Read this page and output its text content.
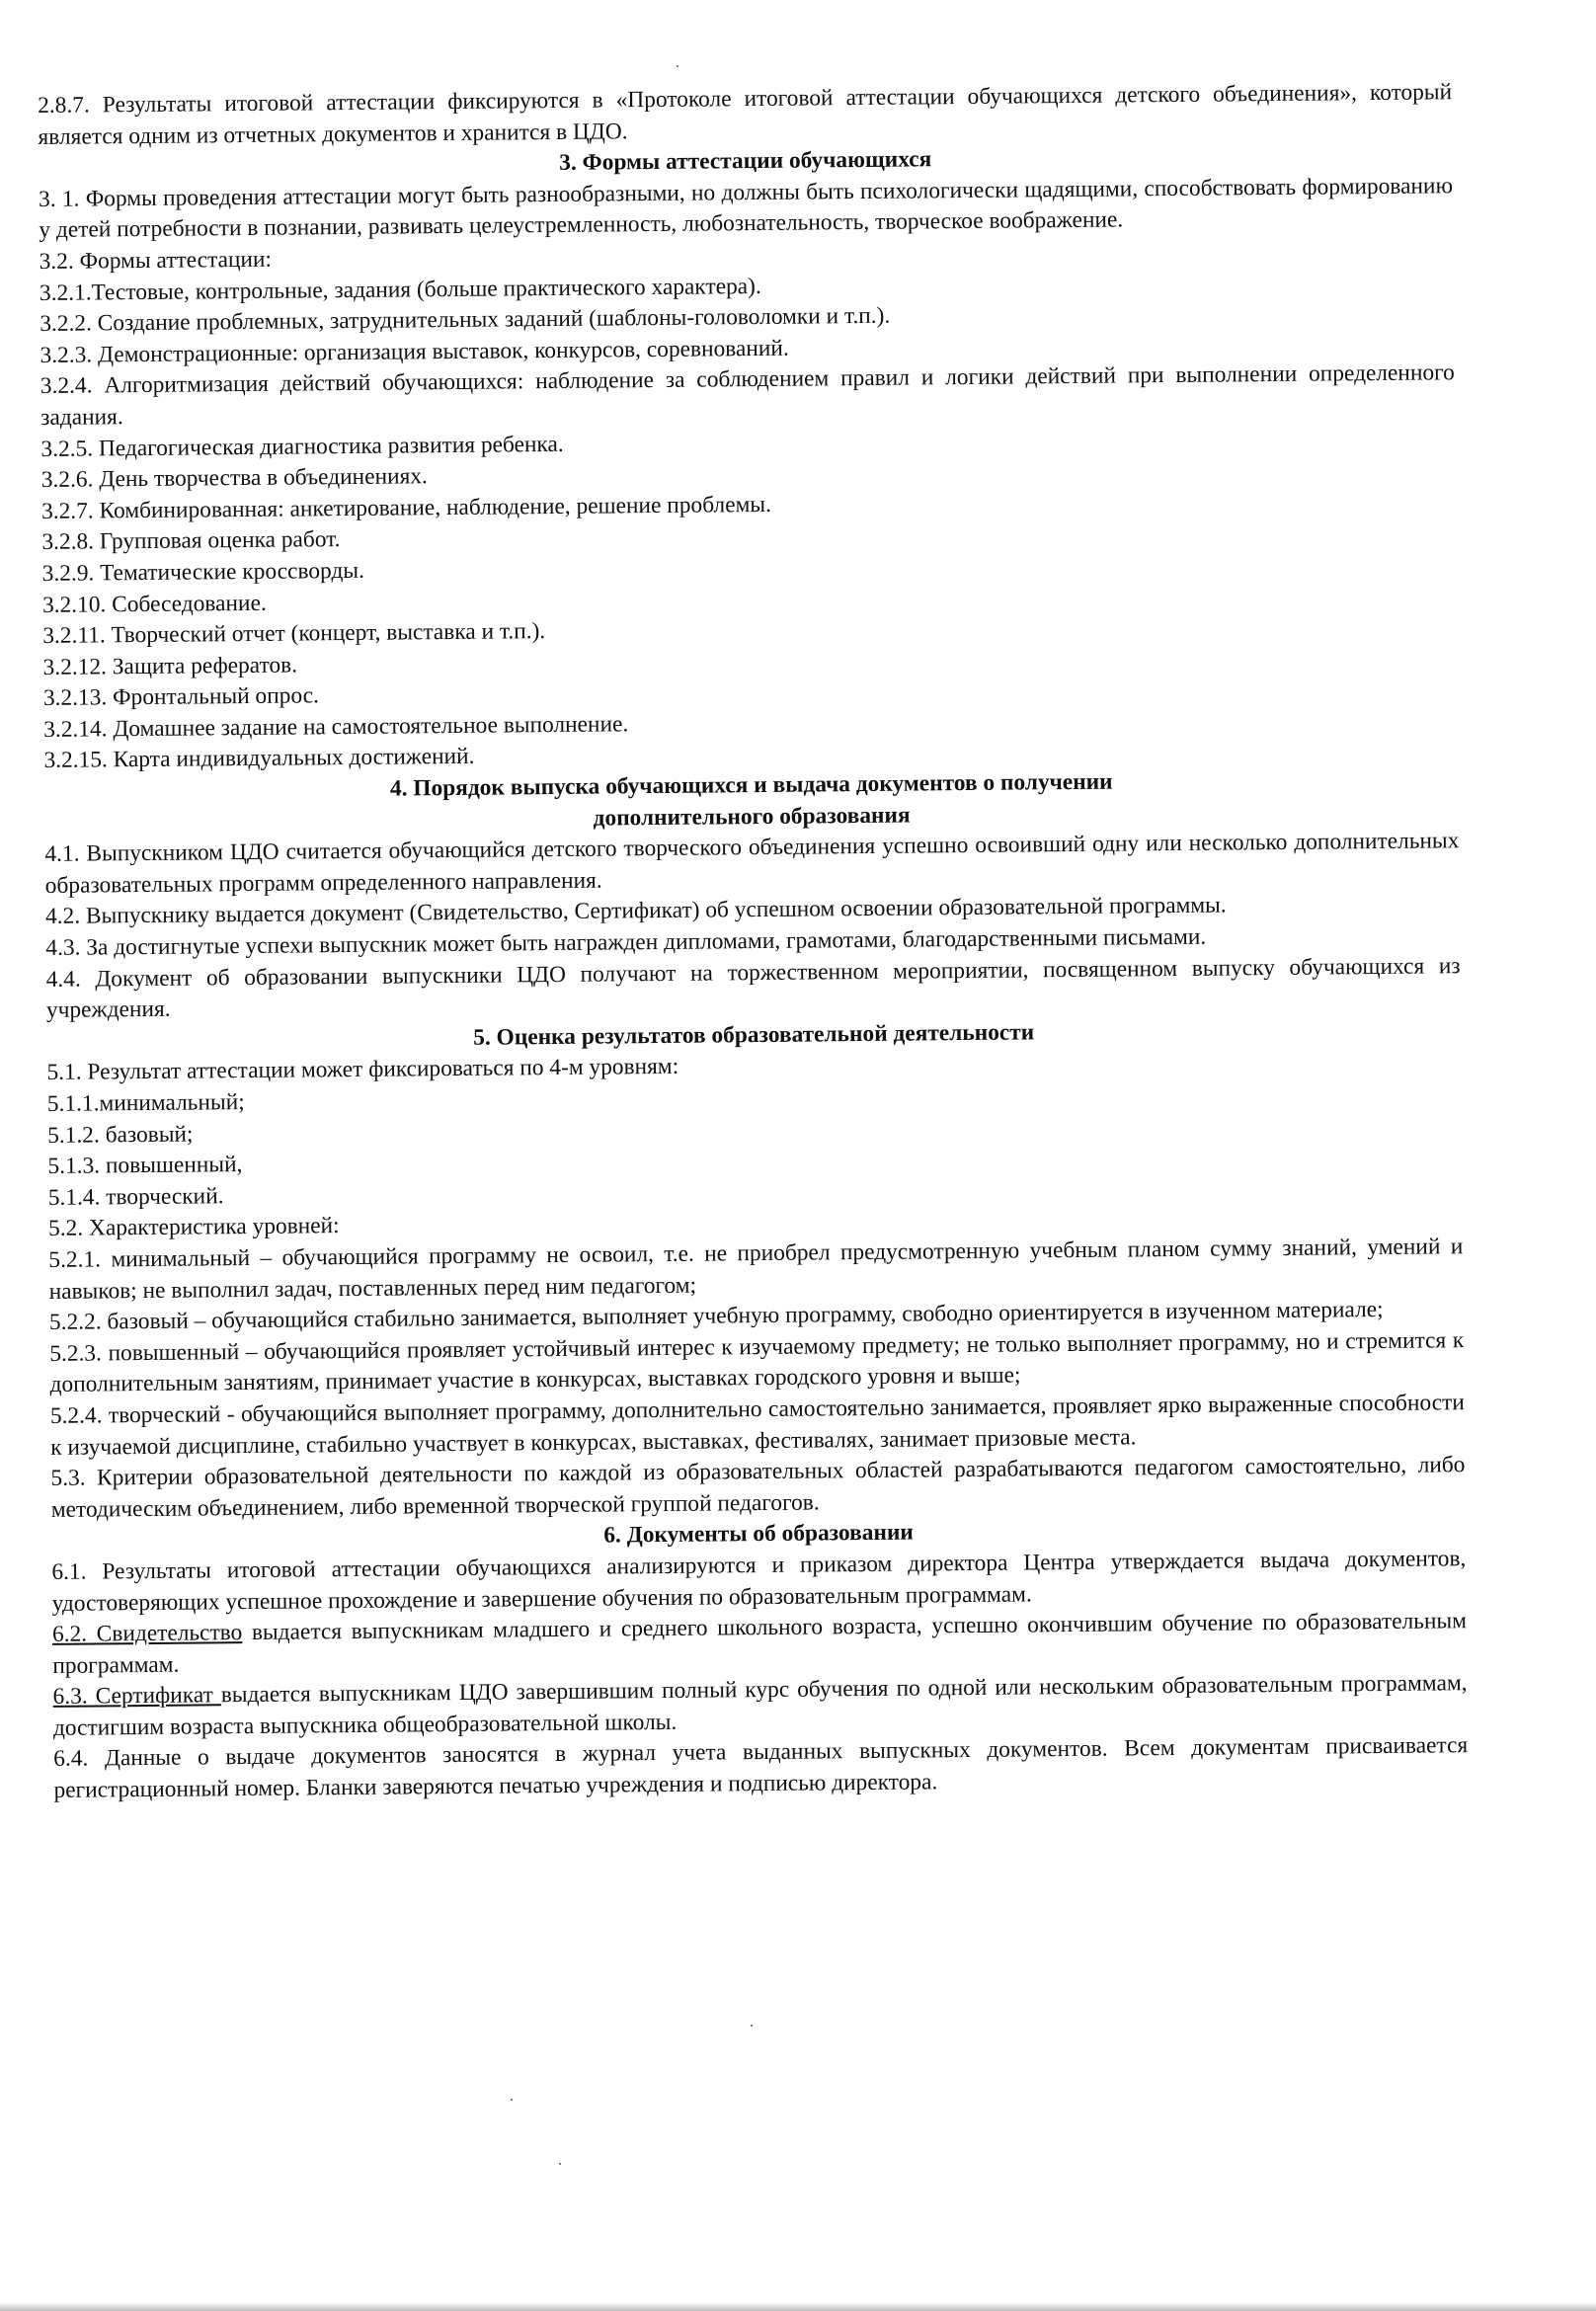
2.8.7. Результаты итоговой аттестации фиксируются в «Протоколе итоговой аттестации обучающихся детского объединения», который является одним из отчетных документов и хранится в ЦДО.

3. Формы аттестации обучающихся

3. 1. Формы проведения аттестации могут быть разнообразными, но должны быть психологически щадящими, способствовать формированию у детей потребности в познании, развивать целеустремленность, любознательность, творческое воображение.

3.2. Формы аттестации:

3.2.1.Тестовые, контрольные, задания (больше практического характера).

3.2.2. Создание проблемных, затруднительных заданий (шаблоны-головоломки и т.п.).

3.2.3. Демонстрационные: организация выставок, конкурсов, соревнований.

3.2.4. Алгоритмизация действий обучающихся: наблюдение за соблюдением правил и логики действий при выполнении определенного задания.

3.2.5. Педагогическая диагностика развития ребенка.

3.2.6. День творчества в объединениях.

3.2.7. Комбинированная: анкетирование, наблюдение, решение проблемы.

3.2.8. Групповая оценка работ.

3.2.9. Тематические кроссворды.

3.2.10. Собеседование.

3.2.11. Творческий отчет (концерт, выставка и т.п.).

3.2.12. Защита рефератов.

3.2.13. Фронтальный опрос.

3.2.14. Домашнее задание на самостоятельное выполнение.

3.2.15. Карта индивидуальных достижений.

4. Порядок выпуска обучающихся и выдача документов о получении

дополнительного образования

4.1. Выпускником ЦДО считается обучающийся детского творческого объединения успешно освоивший одну или несколько дополнительных образовательных программ определенного направления.

4.2. Выпускнику выдается документ (Свидетельство, Сертификат) об успешном освоении образовательной программы.

4.3. За достигнутые успехи выпускник может быть награжден дипломами, грамотами, благодарственными письмами.

4.4. Документ об образовании выпускники ЦДО получают на торжественном мероприятии, посвященном выпуску обучающихся из учреждения.

5. Оценка результатов образовательной деятельности

5.1. Результат аттестации может фиксироваться по 4-м уровням:

5.1.1.минимальный;

5.1.2. базовый;

5.1.3. повышенный,

5.1.4. творческий.

5.2. Характеристика уровней:

5.2.1. минимальный – обучающийся программу не освоил, т.е. не приобрел предусмотренную учебным планом сумму знаний, умений и навыков; не выполнил задач, поставленных перед ним педагогом;

5.2.2. базовый – обучающийся стабильно занимается, выполняет учебную программу, свободно ориентируется в изученном материале;

5.2.3. повышенный – обучающийся проявляет устойчивый интерес к изучаемому предмету; не только выполняет программу, но и стремится к дополнительным занятиям, принимает участие в конкурсах, выставках городского уровня и выше;

5.2.4. творческий - обучающийся выполняет программу, дополнительно самостоятельно занимается, проявляет ярко выраженные способности к изучаемой дисциплине, стабильно участвует в конкурсах, выставках, фестивалях, занимает призовые места.

5.3. Критерии образовательной деятельности по каждой из образовательных областей разрабатываются педагогом самостоятельно, либо методическим объединением, либо временной творческой группой педагогов.

6. Документы об образовании

6.1. Результаты итоговой аттестации обучающихся анализируются и приказом директора Центра утверждается выдача документов, удостоверяющих успешное прохождение и завершение обучения по образовательным программам.

6.2. Свидетельство выдается выпускникам младшего и среднего школьного возраста, успешно окончившим обучение по образовательным программам.

6.3. Сертификат выдается выпускникам ЦДО завершившим полный курс обучения по одной или нескольким образовательным программам, достигшим возраста выпускника общеобразовательной школы.

6.4. Данные о выдаче документов заносятся в журнал учета выданных выпускных документов. Всем документам присваивается регистрационный номер. Бланки заверяются печатью учреждения и подписью директора.
